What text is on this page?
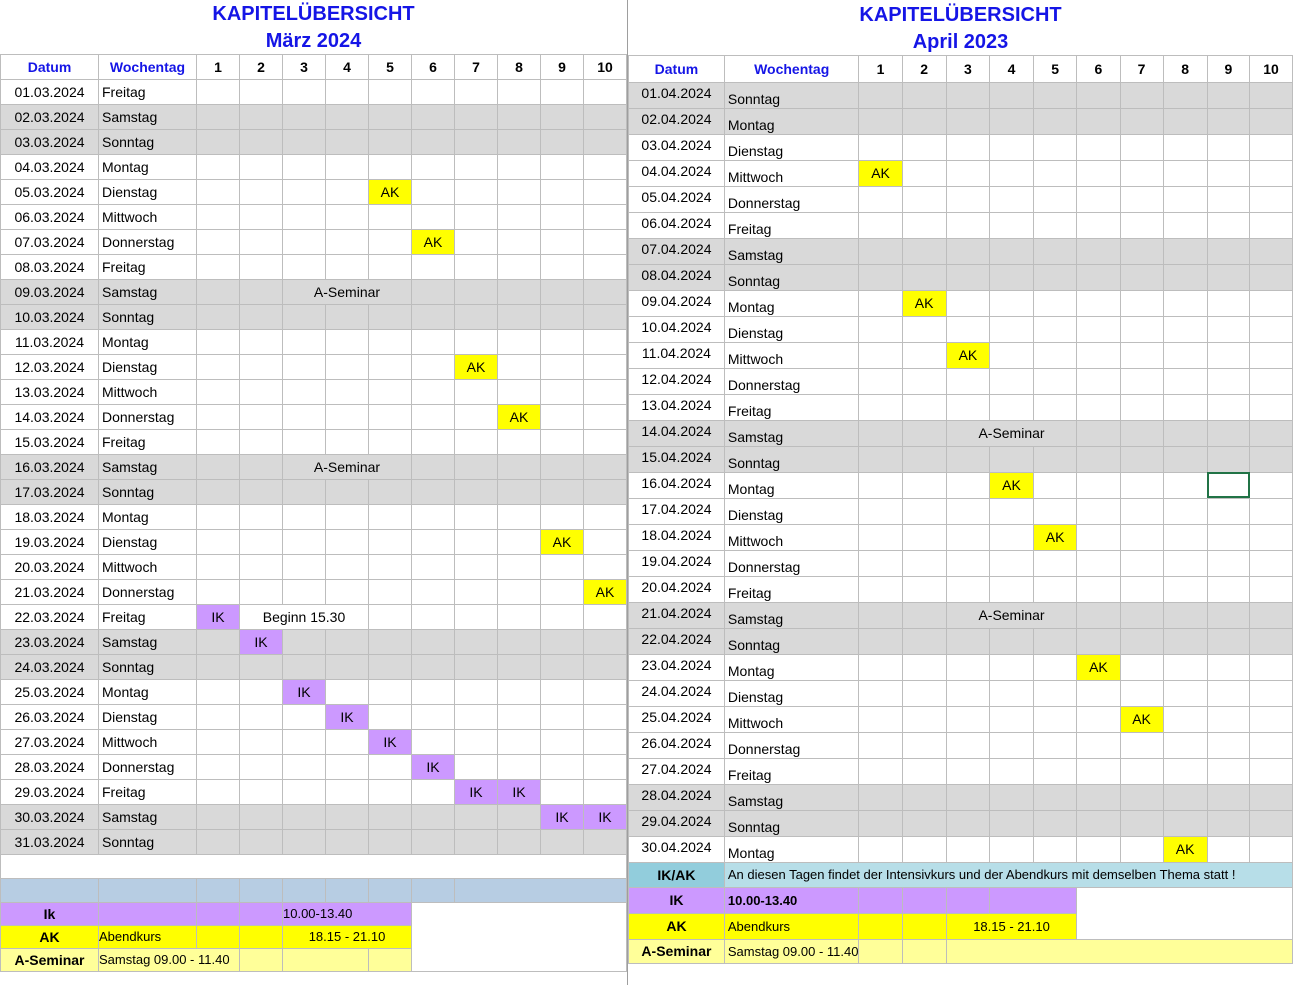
KAPITELÜBERSICHT											
März 2024											
Datum	Wochentag	1	2	3	4	5	6	7	8	9	10
01.03.2024	Freitag										
02.03.2024	Samstag										
03.03.2024	Sonntag										
04.03.2024	Montag										
05.03.2024	Dienstag					AK					
06.03.2024	Mittwoch										
07.03.2024	Donnerstag						AK				
08.03.2024	Freitag										
09.03.2024	Samstag			A-Seminar							
10.03.2024	Sonntag										
11.03.2024	Montag										
12.03.2024	Dienstag							AK			
13.03.2024	Mittwoch										
14.03.2024	Donnerstag								AK		
15.03.2024	Freitag										
16.03.2024	Samstag			A-Seminar							
17.03.2024	Sonntag										
18.03.2024	Montag										
19.03.2024	Dienstag									AK	
20.03.2024	Mittwoch										
21.03.2024	Donnerstag										AK
22.03.2024	Freitag	IK	Beginn 15.30								
23.03.2024	Samstag		IK								
24.03.2024	Sonntag										
25.03.2024	Montag			IK							
26.03.2024	Dienstag				IK						
27.03.2024	Mittwoch					IK					
28.03.2024	Donnerstag						IK				
29.03.2024	Freitag							IK	IK		
30.03.2024	Samstag									IK	IK
31.03.2024	Sonntag										

Ik				10.00-13.40							
AK	Abendkurs			18.15 - 21.10							
A-Seminar	Samstag 09.00 - 11.40										
KAPITELÜBERSICHT											
April 2023											
Datum	Wochentag	1	2	3	4	5	6	7	8	9	10
01.04.2024	Sonntag										
02.04.2024	Montag										
03.04.2024	Dienstag										
04.04.2024	Mittwoch	AK									
05.04.2024	Donnerstag										
06.04.2024	Freitag										
07.04.2024	Samstag										
08.04.2024	Sonntag										
09.04.2024	Montag		AK								
10.04.2024	Dienstag										
11.04.2024	Mittwoch			AK							
12.04.2024	Donnerstag										
13.04.2024	Freitag										
14.04.2024	Samstag			A-Seminar							
15.04.2024	Sonntag										
16.04.2024	Montag				AK						
17.04.2024	Dienstag										
18.04.2024	Mittwoch					AK					
19.04.2024	Donnerstag										
20.04.2024	Freitag										
21.04.2024	Samstag			A-Seminar							
22.04.2024	Sonntag										
23.04.2024	Montag						AK				
24.04.2024	Dienstag										
25.04.2024	Mittwoch							AK			
26.04.2024	Donnerstag										
27.04.2024	Freitag										
28.04.2024	Samstag										
29.04.2024	Sonntag										
30.04.2024	Montag								AK		
IK/AK	An diesen Tagen findet der Intensivkurs und der Abendkurs mit demselben Thema statt !										
IK	10.00-13.40										
AK	Abendkurs			18.15 - 21.10							
A-Seminar	Samstag 09.00 - 11.40										
